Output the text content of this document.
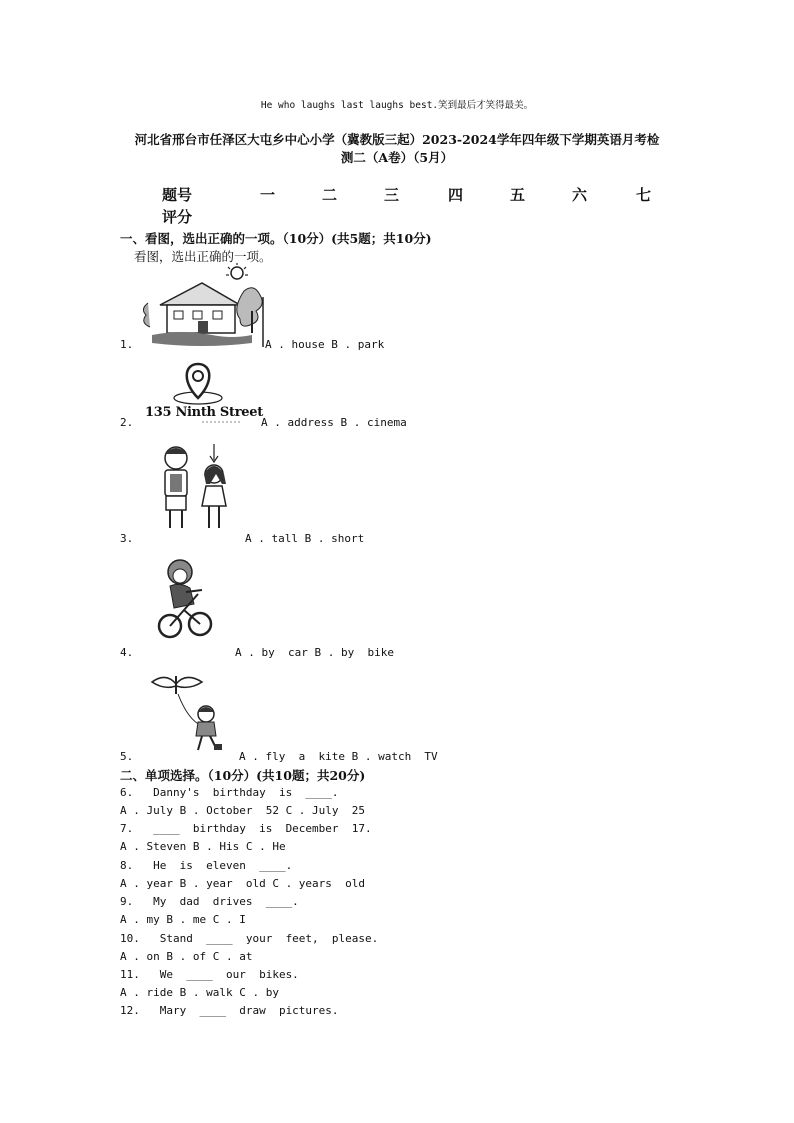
He who laughs last laughs best.笑到最后才笑得最美。
河北省邢台市任泽区大屯乡中心小学（冀教版三起）2023-2024学年四年级下学期英语月考检
测二（A卷）（5月）
题号	一	二	三	四	五	六	七
评分
一、看图，选出正确的一项。（10分）(共5题；共10分)
看图，选出正确的一项。
1.	A . house B . park
135 Ninth Street
2.	A . address B . cinema
3.	A . tall B . short
4.	A . by  car B . by  bike
5.	A . fly  a  kite B . watch  TV
二、单项选择。（10分）(共10题；共20分)
6.   Danny's  birthday  is  ____.
A . July B . October  52 C . July  25
7.   ____  birthday  is  December  17.
A . Steven B . His C . He
8.   He  is  eleven  ____.
A . year B . year  old C . years  old
9.   My  dad  drives  ____.
A . my B . me C . I
10.   Stand  ____  your  feet,  please.
A . on B . of C . at
11.   We  ____  our  bikes.
A . ride B . walk C . by
12.   Mary  ____  draw  pictures.
